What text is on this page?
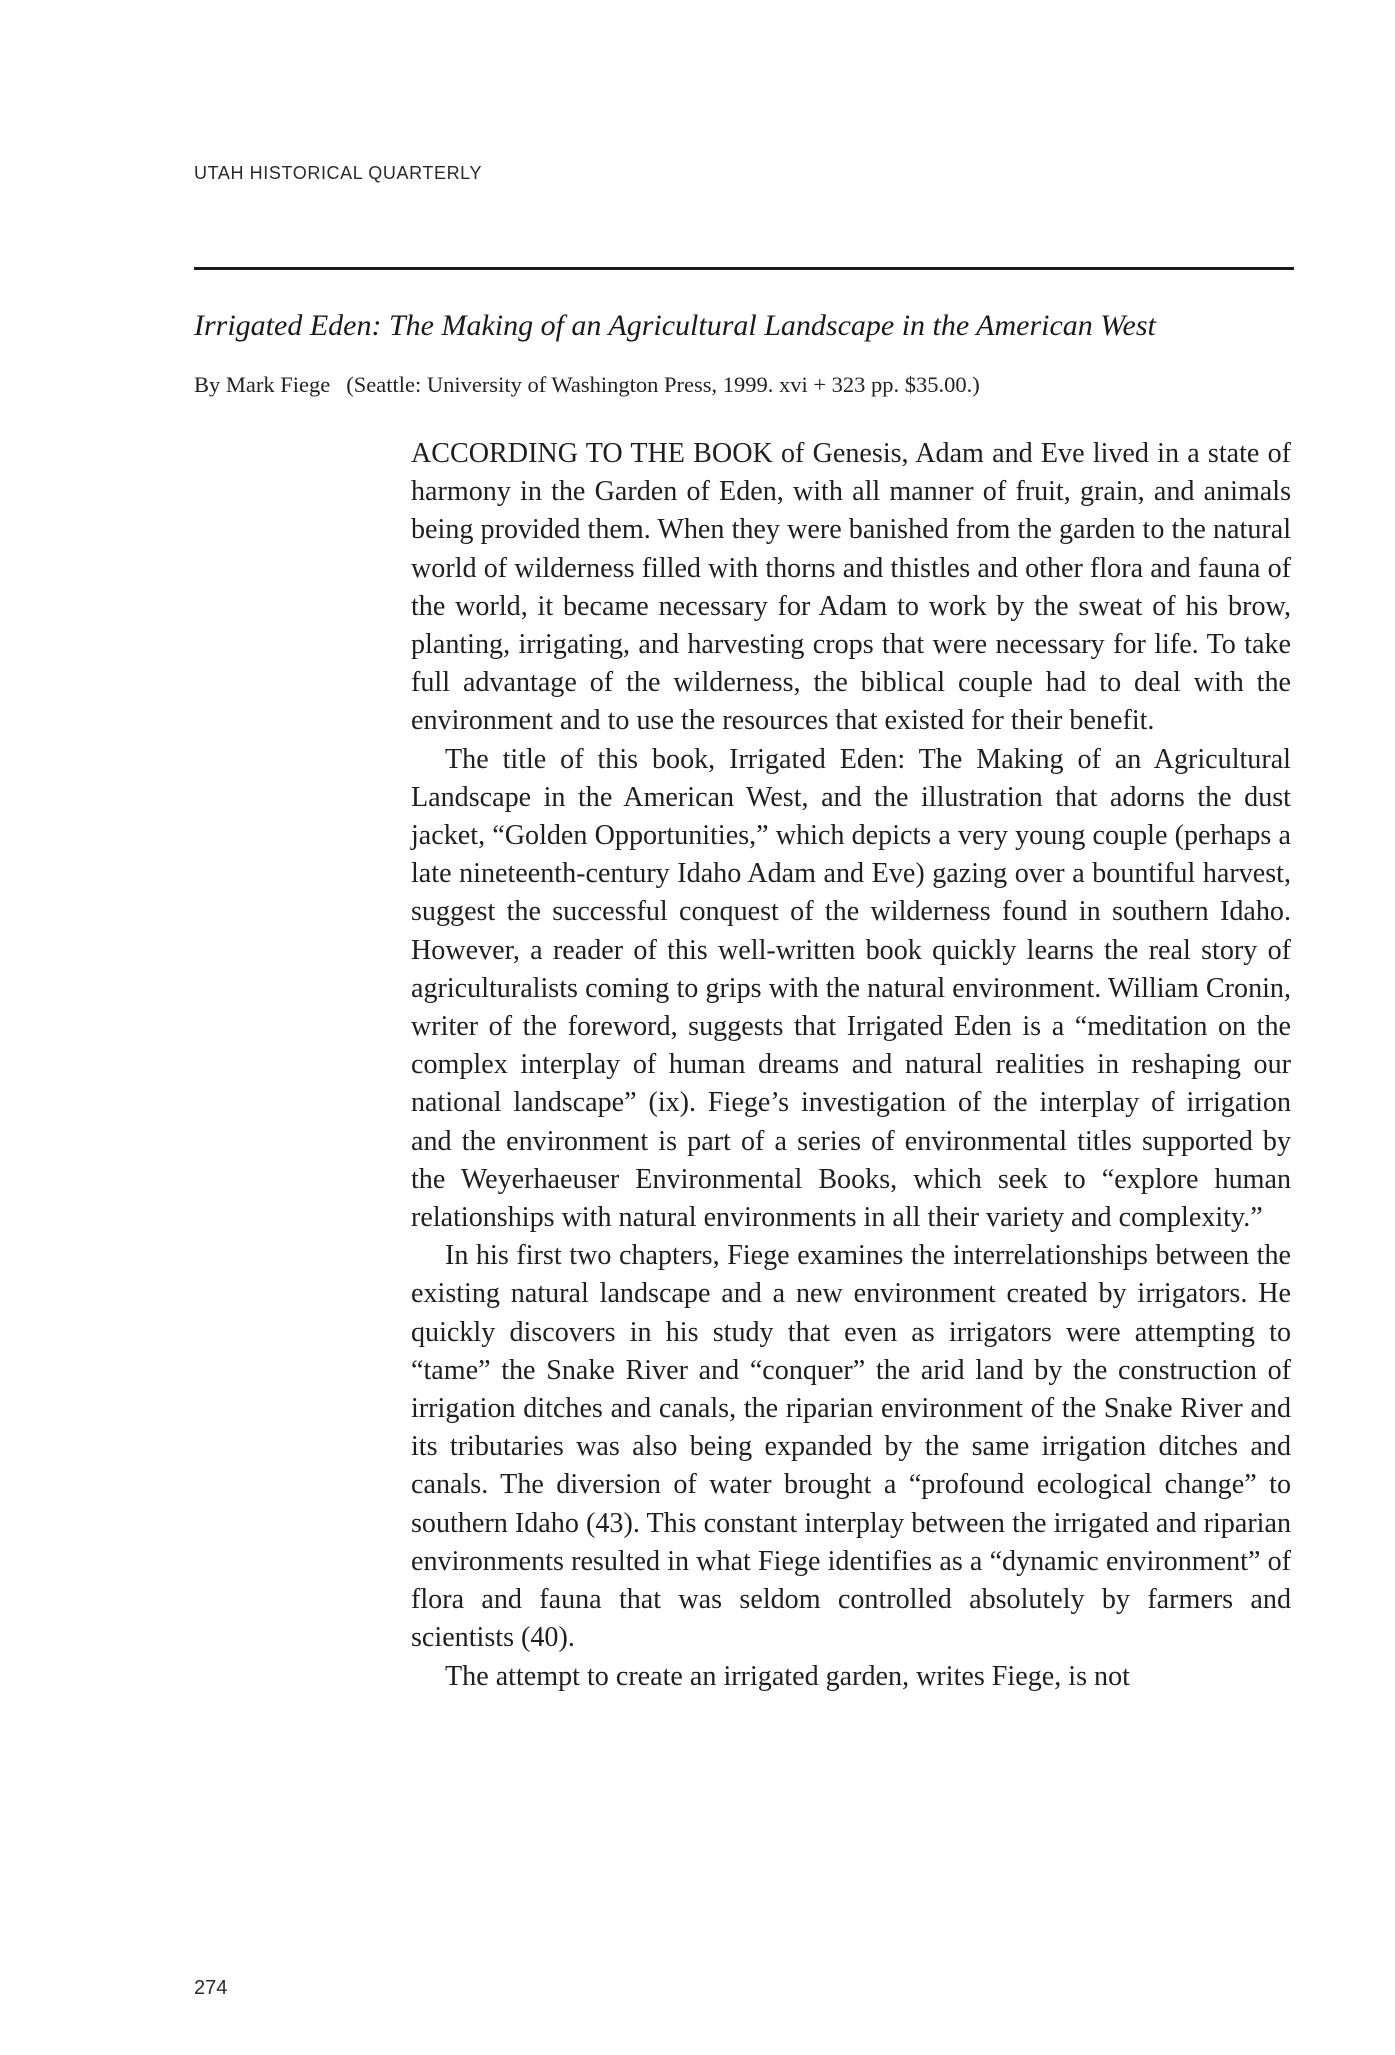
UTAH HISTORICAL QUARTERLY
Irrigated Eden: The Making of an Agricultural Landscape in the American West
By Mark Fiege (Seattle: University of Washington Press, 1999. xvi + 323 pp. $35.00.)

ACCORDING TO THE BOOK of Genesis, Adam and Eve lived in a state of harmony in the Garden of Eden, with all manner of fruit, grain, and animals being provided them. When they were banished from the garden to the natural world of wilderness filled with thorns and thistles and other flora and fauna of the world, it became necessary for Adam to work by the sweat of his brow, planting, irrigating, and harvesting crops that were necessary for life. To take full advantage of the wilderness, the biblical couple had to deal with the environment and to use the resources that existed for their benefit.

The title of this book, Irrigated Eden: The Making of an Agricultural Landscape in the American West, and the illustration that adorns the dust jacket, “Golden Opportunities,” which depicts a very young couple (perhaps a late nineteenth-century Idaho Adam and Eve) gazing over a bountiful harvest, suggest the successful conquest of the wilderness found in southern Idaho. However, a reader of this well-written book quickly learns the real story of agriculturalists coming to grips with the natural environment. William Cronin, writer of the foreword, suggests that Irrigated Eden is a “meditation on the complex interplay of human dreams and natural realities in reshaping our national landscape” (ix). Fiege’s investigation of the interplay of irrigation and the environment is part of a series of environmental titles supported by the Weyerhaeuser Environmental Books, which seek to “explore human relationships with natural environments in all their variety and complexity.”

In his first two chapters, Fiege examines the interrelationships between the existing natural landscape and a new environment created by irrigators. He quickly discovers in his study that even as irrigators were attempting to “tame” the Snake River and “conquer” the arid land by the construction of irrigation ditches and canals, the riparian environment of the Snake River and its tributaries was also being expanded by the same irrigation ditches and canals. The diversion of water brought a “profound ecological change” to southern Idaho (43). This constant interplay between the irrigated and riparian environments resulted in what Fiege identifies as a “dynamic environment” of flora and fauna that was seldom controlled absolutely by farmers and scientists (40).

The attempt to create an irrigated garden, writes Fiege, is not

274
